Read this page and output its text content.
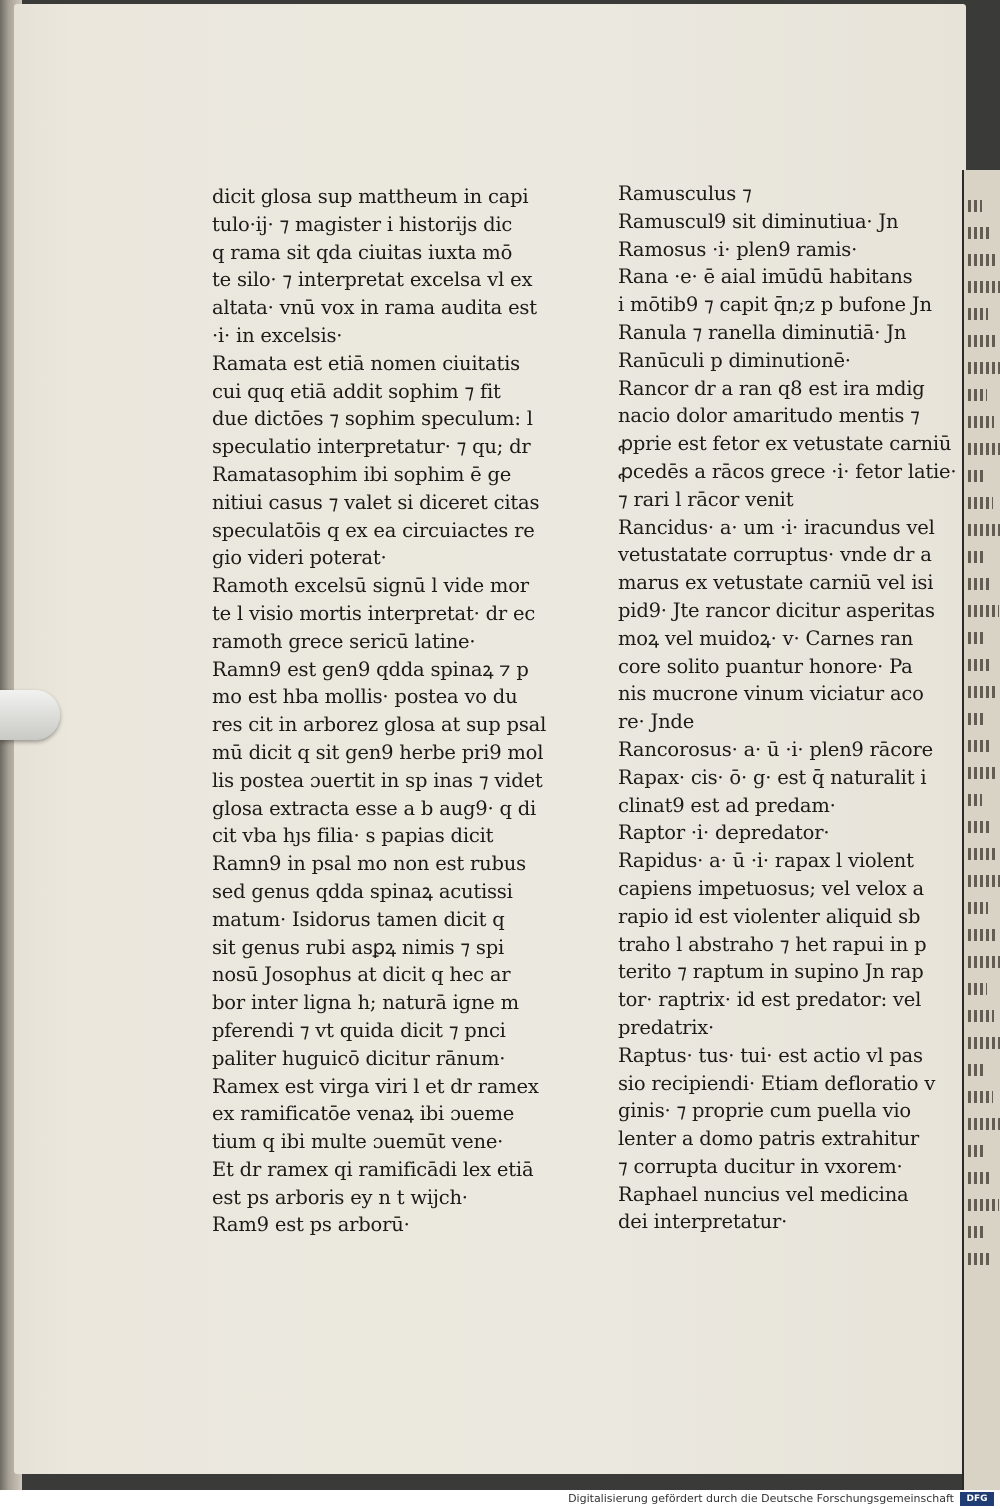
dicit glosa sup mattheum in capi
tulo·ij· ⁊ magister i historijs dic
q rama sit qda ciuitas iuxta mō
te silo· ⁊ interpretat excelsa vl ex
altata· vnū vox in rama audita est
·i· in excelsis·
Ramata est etiā nomen ciuitatis
cui quq etiā addit sophim ⁊ fit
due dictōes ⁊ sophim speculum: l
speculatio interpretatur· ⁊ qu; dr
Ramatasophim ibi sophim ē ge
nitiui casus ⁊ valet si diceret citas
speculatōis q ex ea circuiactes re
gio videri poterat·
Ramoth excelsū signū l vide mor
te l visio mortis interpretat· dr ec
ramoth grece sericū latine·
Ramn9 est gen9 qdda spinaꝝ ⁊ p
mo est hba mollis· postea vo du
res cit in arborez glosa at sup psal
mū dicit q sit gen9 herbe pri9 mol
lis postea ɔuertit in sp inas ⁊ videt
glosa extracta esse a b aug9· q di
cit vba hȷs filia· s papias dicit
Ramn9 in psal mo non est rubus
sed genus qdda spinaꝝ acutissi
matum· Isidorus tamen dicit q
sit genus rubi asꝑꝝ nimis ⁊ spi
nosū Josophus at dicit q hec ar
bor inter ligna h; naturā igne m
pferendi ⁊ vt quida dicit ⁊ pnci
paliter huguicō dicitur rānum·
Ramex est virga viri l et dr ramex
ex ramificatōe venaꝝ ibi ɔueme
tium q ibi multe ɔuemūt vene·
Et dr ramex qi ramificādi lex etiā
est ps arboris ey n t wijch·
Ram9 est ps arborū·
Ramusculus ⁊
Ramuscul9 sit diminutiua· Jn
Ramosus ·i· plen9 ramis·
Rana ·e· ē aial imūdū habitans
i mōtib9 ⁊ capit q̄n;z p bufone Jn
Ranula ⁊ ranella diminutiā· Jn
Ranūculi p diminutionē·
Rancor dr a ran q8 est ira mdig
nacio dolor amaritudo mentis ⁊
ꝓprie est fetor ex vetustate carniū
ꝓcedēs a rācos grece ·i· fetor latie·
⁊ rari l rācor venit
Rancidus· a· um ·i· iracundus vel
vetustatate corruptus· vnde dr a
marus ex vetustate carniū vel isi
pid9· Jte rancor dicitur asperitas
moꝝ vel muidoꝝ· v· Carnes ran
core solito puantur honore· Pa
nis mucrone vinum viciatur aco
re· Jnde
Rancorosus· a· ū ·i· plen9 rācore
Rapax· cis· ō· g· est q̄ naturalit i
clinat9 est ad predam·
Raptor ·i· depredator·
Rapidus· a· ū ·i· rapax l violent
capiens impetuosus; vel velox a
rapio id est violenter aliquid sb
traho l abstraho ⁊ het rapui in p
terito ⁊ raptum in supino Jn rap
tor· raptrix· id est predator: vel
predatrix·
Raptus· tus· tui· est actio vl pas
sio recipiendi· Etiam defloratio v
ginis· ⁊ proprie cum puella vio
lenter a domo patris extrahitur
⁊ corrupta ducitur in vxorem·
Raphael nuncius vel medicina
dei interpretatur·
Digitalisierung gefördert durch die Deutsche Forschungsgemeinschaft	DFG
